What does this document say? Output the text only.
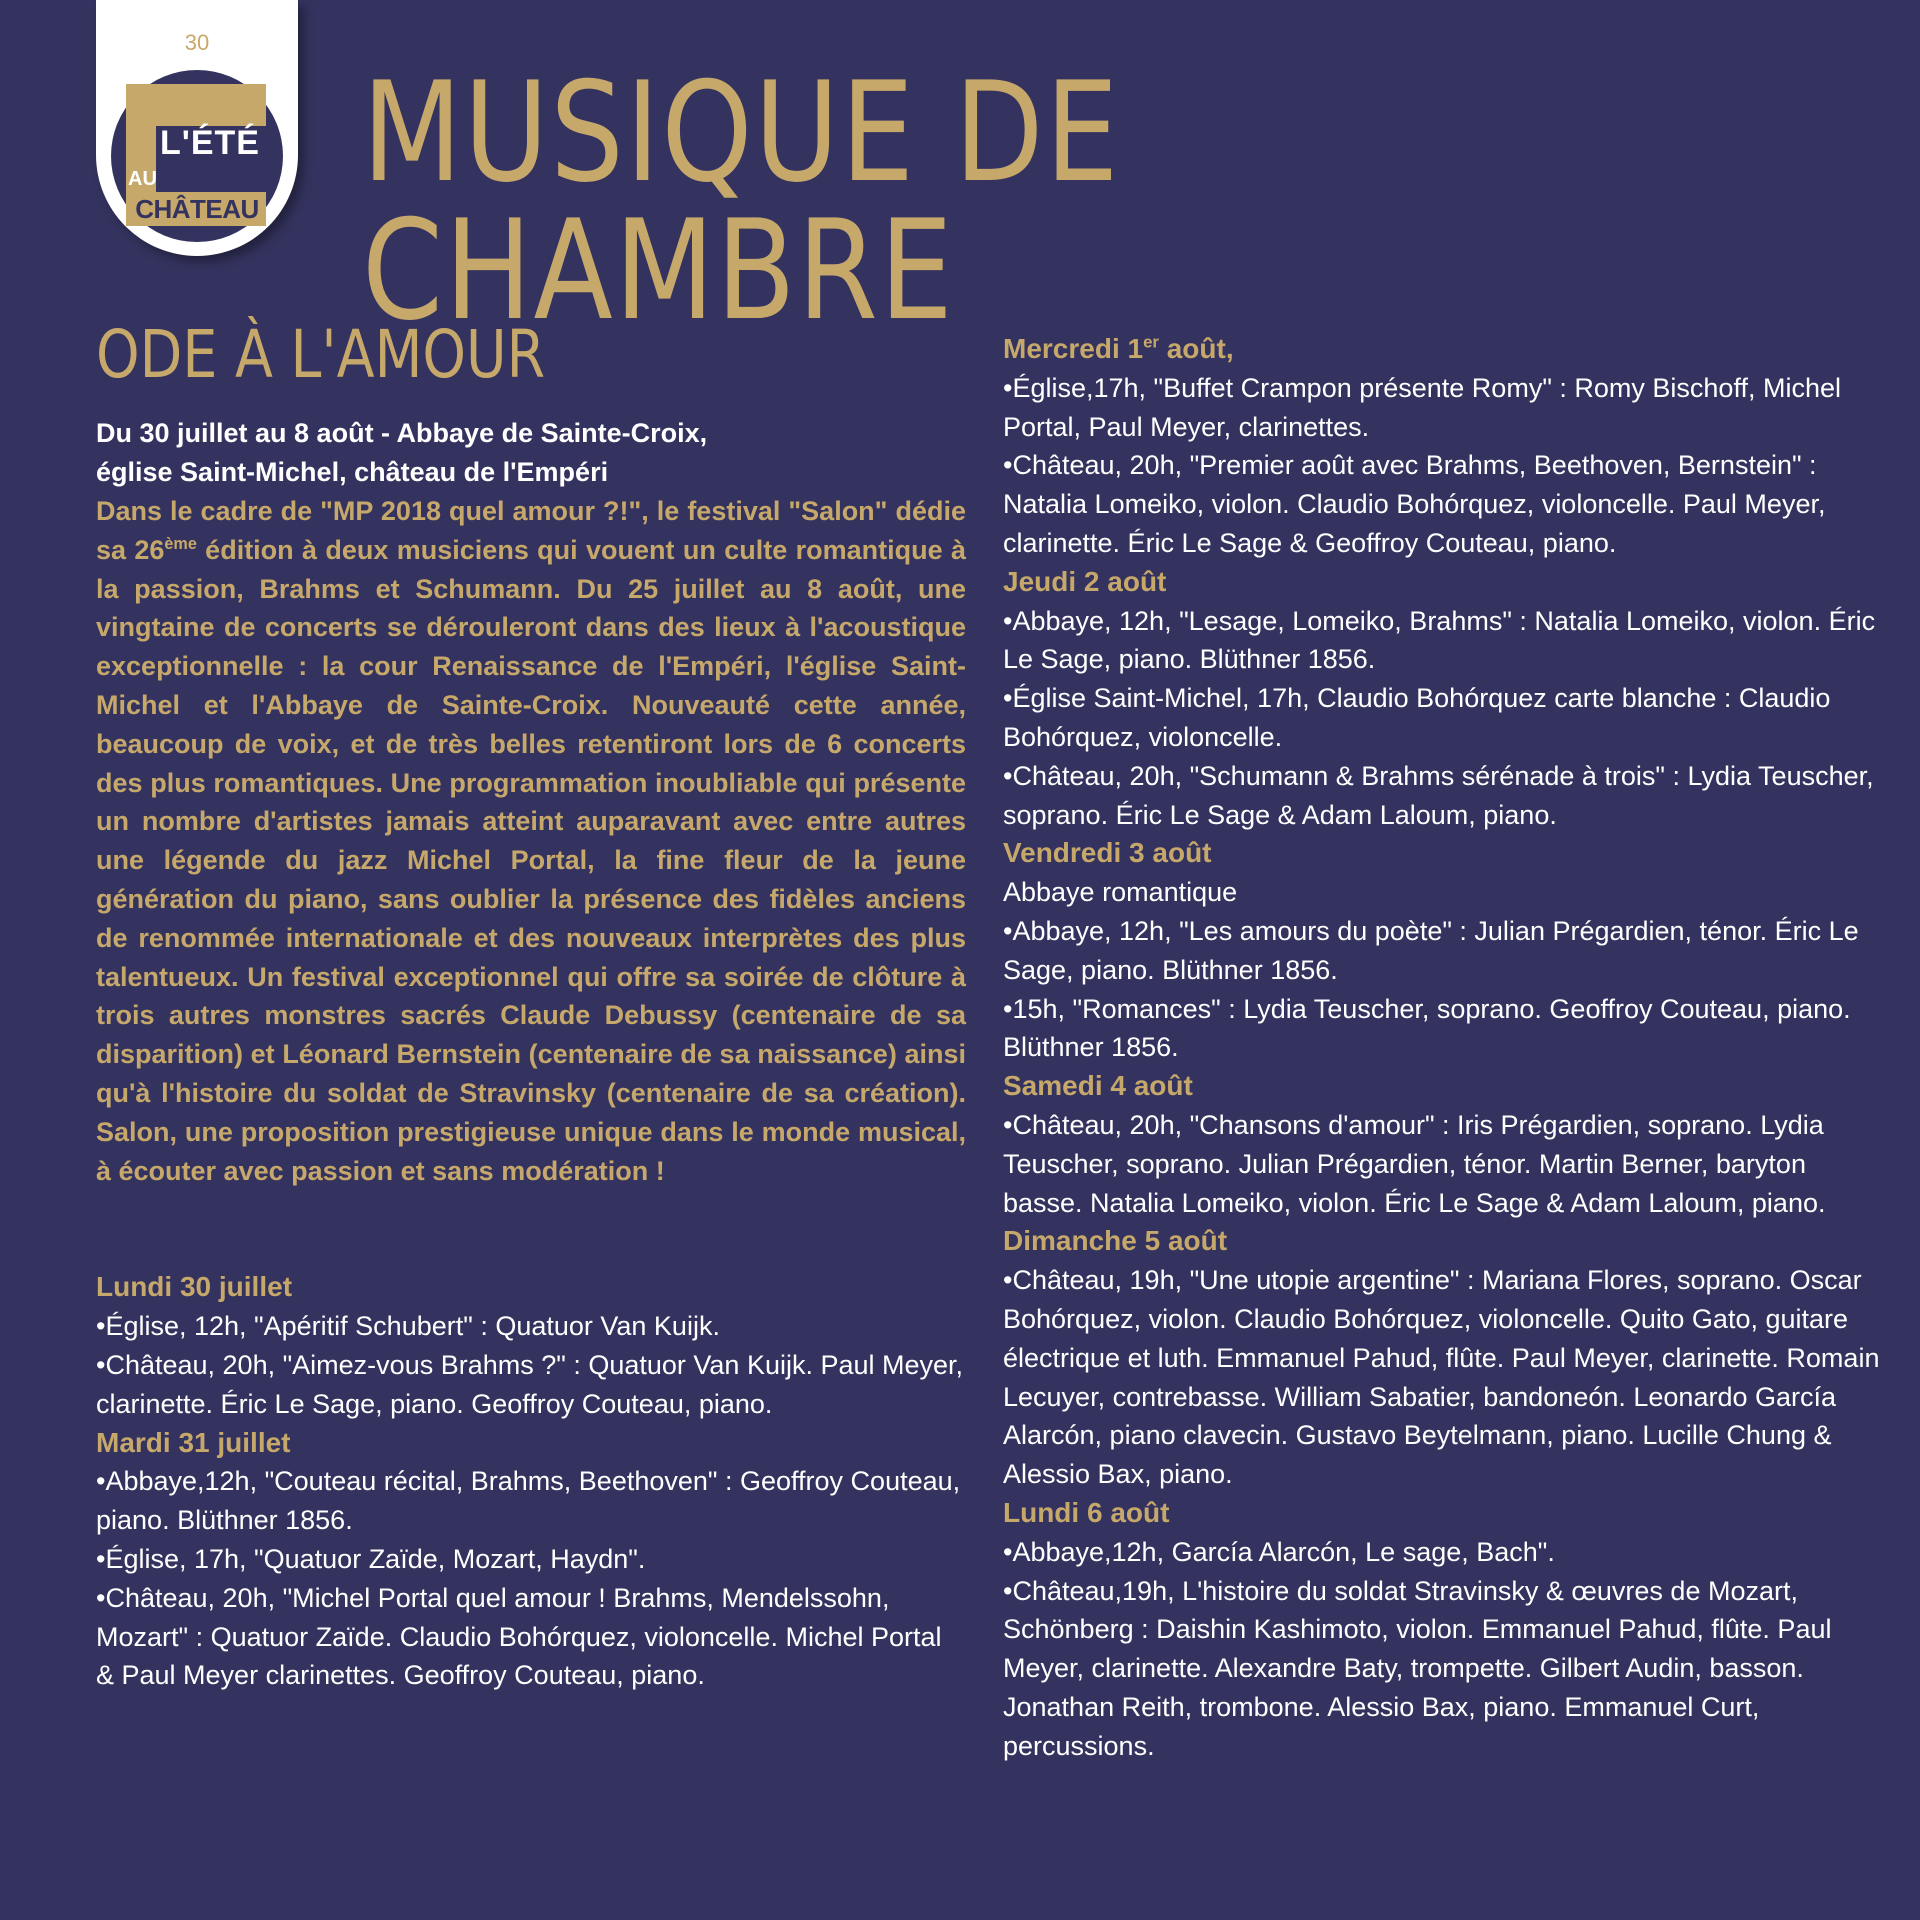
30
L'ÉTÉ
AU
CHÂTEAU MUSIQUE DE CHAMBRE
ODE À L'AMOUR
Du 30 juillet au 8 août - Abbaye de Sainte-Croix,
église Saint-Michel, château de l'Empéri

Dans le cadre de "MP 2018 quel amour ?!", le festival "Salon" dédie sa 26ème édition à deux musiciens qui vouent un culte romantique à la passion, Brahms et Schumann. Du 25 juillet au 8 août, une vingtaine de concerts se dérouleront dans des lieux à l'acoustique exceptionnelle : la cour Renaissance de l'Empéri, l'église Saint-Michel et l'Abbaye de Sainte-Croix. Nouveauté cette année, beaucoup de voix, et de très belles retentiront lors de 6 concerts des plus romantiques. Une programmation inoubliable qui présente un nombre d'artistes jamais atteint auparavant avec entre autres une légende du jazz Michel Portal, la fine fleur de la jeune génération du piano, sans oublier la présence des fidèles anciens de renommée internationale et des nouveaux interprètes des plus talentueux. Un festival exceptionnel qui offre sa soirée de clôture à trois autres monstres sacrés Claude Debussy (centenaire de sa disparition) et Léonard Bernstein (centenaire de sa naissance) ainsi qu'à l'histoire du soldat de Stravinsky (centenaire de sa création). Salon, une proposition prestigieuse unique dans le monde musical, à écouter avec passion et sans modération !

Lundi 30 juillet
•Église, 12h, "Apéritif Schubert" : Quatuor Van Kuijk.
•Château, 20h, "Aimez-vous Brahms ?" : Quatuor Van Kuijk. Paul Meyer, clarinette. Éric Le Sage, piano. Geoffroy Couteau, piano.
Mardi 31 juillet
•Abbaye,12h, "Couteau récital, Brahms, Beethoven" : Geoffroy Couteau, piano. Blüthner 1856.
•Église, 17h, "Quatuor Zaïde, Mozart, Haydn".
•Château, 20h, "Michel Portal quel amour ! Brahms, Mendelssohn, Mozart" : Quatuor Zaïde. Claudio Bohórquez, violoncelle. Michel Portal & Paul Meyer clarinettes. Geoffroy Couteau, piano.
Mercredi 1er août,
•Église,17h, "Buffet Crampon présente Romy" : Romy Bischoff, Michel Portal, Paul Meyer, clarinettes.
•Château, 20h, "Premier août avec Brahms, Beethoven, Bernstein" : Natalia Lomeiko, violon. Claudio Bohórquez, violoncelle. Paul Meyer, clarinette. Éric Le Sage & Geoffroy Couteau, piano.
Jeudi 2 août
•Abbaye, 12h, "Lesage, Lomeiko, Brahms" : Natalia Lomeiko, violon. Éric Le Sage, piano. Blüthner 1856.
•Église Saint-Michel, 17h, Claudio Bohórquez carte blanche : Claudio Bohórquez, violoncelle.
•Château, 20h, "Schumann & Brahms sérénade à trois" : Lydia Teuscher, soprano. Éric Le Sage & Adam Laloum, piano.
Vendredi 3 août
Abbaye romantique
•Abbaye, 12h, "Les amours du poète" : Julian Prégardien, ténor. Éric Le Sage, piano. Blüthner 1856.
•15h, "Romances" : Lydia Teuscher, soprano. Geoffroy Couteau, piano. Blüthner 1856.
Samedi 4 août
•Château, 20h, "Chansons d'amour" : Iris Prégardien, soprano. Lydia Teuscher, soprano. Julian Prégardien, ténor. Martin Berner, baryton basse. Natalia Lomeiko, violon. Éric Le Sage & Adam Laloum, piano.
Dimanche 5 août
•Château, 19h, "Une utopie argentine" : Mariana Flores, soprano. Oscar Bohórquez, violon. Claudio Bohórquez, violoncelle. Quito Gato, guitare électrique et luth. Emmanuel Pahud, flûte. Paul Meyer, clarinette. Romain Lecuyer, contrebasse. William Sabatier, bandoneón. Leonardo García Alarcón, piano clavecin. Gustavo Beytelmann, piano. Lucille Chung & Alessio Bax, piano.
Lundi 6 août
•Abbaye,12h, García Alarcón, Le sage, Bach".
•Château,19h, L'histoire du soldat Stravinsky & œuvres de Mozart, Schönberg : Daishin Kashimoto, violon. Emmanuel Pahud, flûte. Paul Meyer, clarinette. Alexandre Baty, trompette. Gilbert Audin, basson. Jonathan Reith, trombone. Alessio Bax, piano. Emmanuel Curt, percussions.
